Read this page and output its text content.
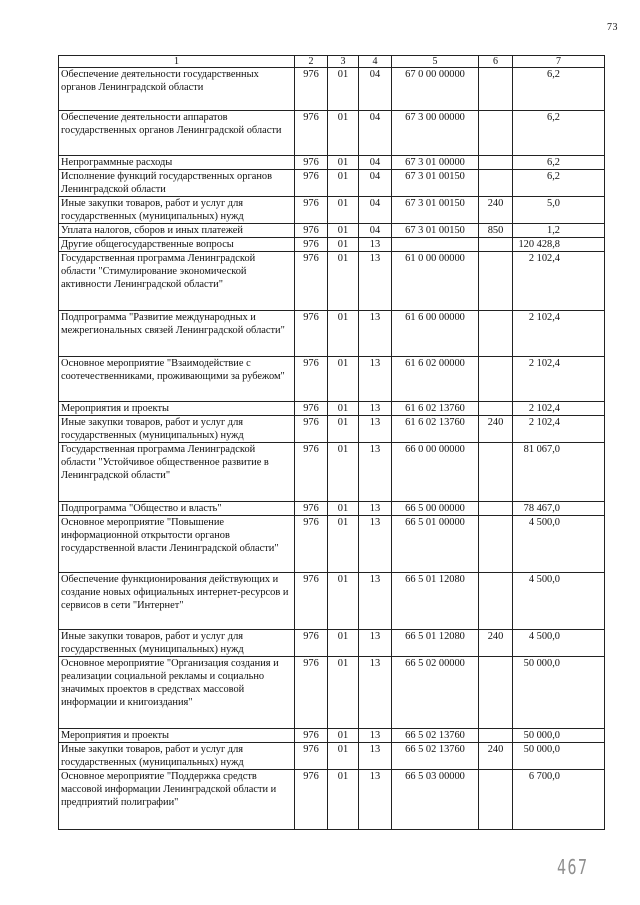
73
1	2	3	4	5	6	7
Обеспечение деятельности государственных органов Ленинградской области	976	01	04	67 0 00 00000		6,2
Обеспечение деятельности аппаратов государственных органов Ленинградской области	976	01	04	67 3 00 00000		6,2
Непрограммные расходы	976	01	04	67 3 01 00000		6,2
Исполнение функций государственных органов Ленинградской области	976	01	04	67 3 01 00150		6,2
Иные закупки товаров, работ и услуг для государственных (муниципальных) нужд	976	01	04	67 3 01 00150	240	5,0
Уплата налогов, сборов и иных платежей	976	01	04	67 3 01 00150	850	1,2
Другие общегосударственные вопросы	976	01	13			120 428,8
Государственная программа Ленинградской области "Стимулирование экономической активности Ленинградской области"	976	01	13	61 0 00 00000		2 102,4
Подпрограмма "Развитие международных и межрегиональных связей Ленинградской области"	976	01	13	61 6 00 00000		2 102,4
Основное мероприятие "Взаимодействие с соотечественниками, проживающими за рубежом"	976	01	13	61 6 02 00000		2 102,4
Мероприятия и проекты	976	01	13	61 6 02 13760		2 102,4
Иные закупки товаров, работ и услуг для государственных (муниципальных) нужд	976	01	13	61 6 02 13760	240	2 102,4
Государственная программа Ленинградской области "Устойчивое общественное развитие в Ленинградской области"	976	01	13	66 0 00 00000		81 067,0
Подпрограмма "Общество и власть"	976	01	13	66 5 00 00000		78 467,0
Основное мероприятие "Повышение информационной открытости органов государственной власти Ленинградской области"	976	01	13	66 5 01 00000		4 500,0
Обеспечение функционирования действующих и создание новых официальных интернет-ресурсов и сервисов в сети "Интернет"	976	01	13	66 5 01 12080		4 500,0
Иные закупки товаров, работ и услуг для государственных (муниципальных) нужд	976	01	13	66 5 01 12080	240	4 500,0
Основное мероприятие "Организация создания и реализации социальной рекламы и социально значимых проектов в средствах массовой информации и книгоиздания"	976	01	13	66 5 02 00000		50 000,0
Мероприятия и проекты	976	01	13	66 5 02 13760		50 000,0
Иные закупки товаров, работ и услуг для государственных (муниципальных) нужд	976	01	13	66 5 02 13760	240	50 000,0
Основное мероприятие "Поддержка средств массовой информации Ленинградской области и предприятий полиграфии"	976	01	13	66 5 03 00000		6 700,0
467
